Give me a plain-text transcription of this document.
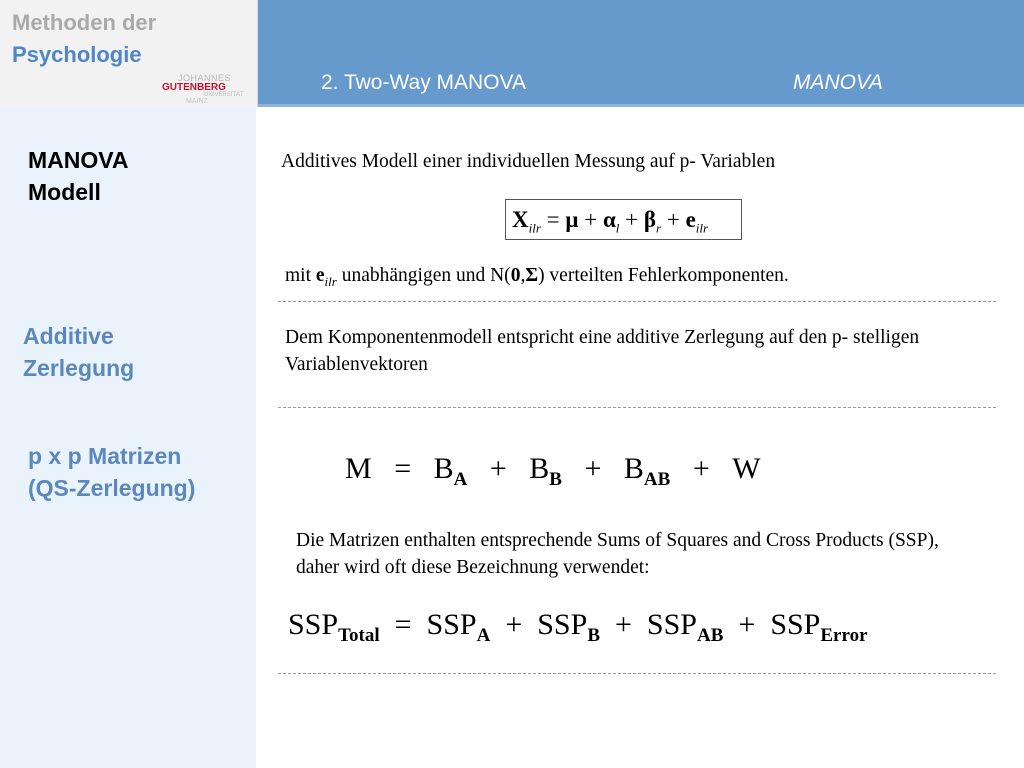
Methoden der
Psychologie
JOHANNES
GUTENBERG
UNIVERSITÄT
MAINZ
2. Two-Way MANOVA	MANOVA
MANOVA
Modell
Additive
Zerlegung
p x p Matrizen
(QS-Zerlegung)
Additives Modell einer individuellen Messung auf p- Variablen
$X_{ilr} = \mu + \alpha_l + \beta_r + e_{ilr}$
mit $e_{ilr}$ unabhängigen und N(0,Σ) verteilten Fehlerkomponenten.
Dem Komponentenmodell entspricht eine additive Zerlegung auf den p- stelligen Variablenvektoren
$M = B_A + B_B + B_{AB} + W$
Die Matrizen enthalten entsprechende Sums of Squares and Cross Products (SSP), daher wird oft diese Bezeichnung verwendet:
$SSP_{Total} = SSP_A + SSP_B + SSP_{AB} + SSP_{Error}$
